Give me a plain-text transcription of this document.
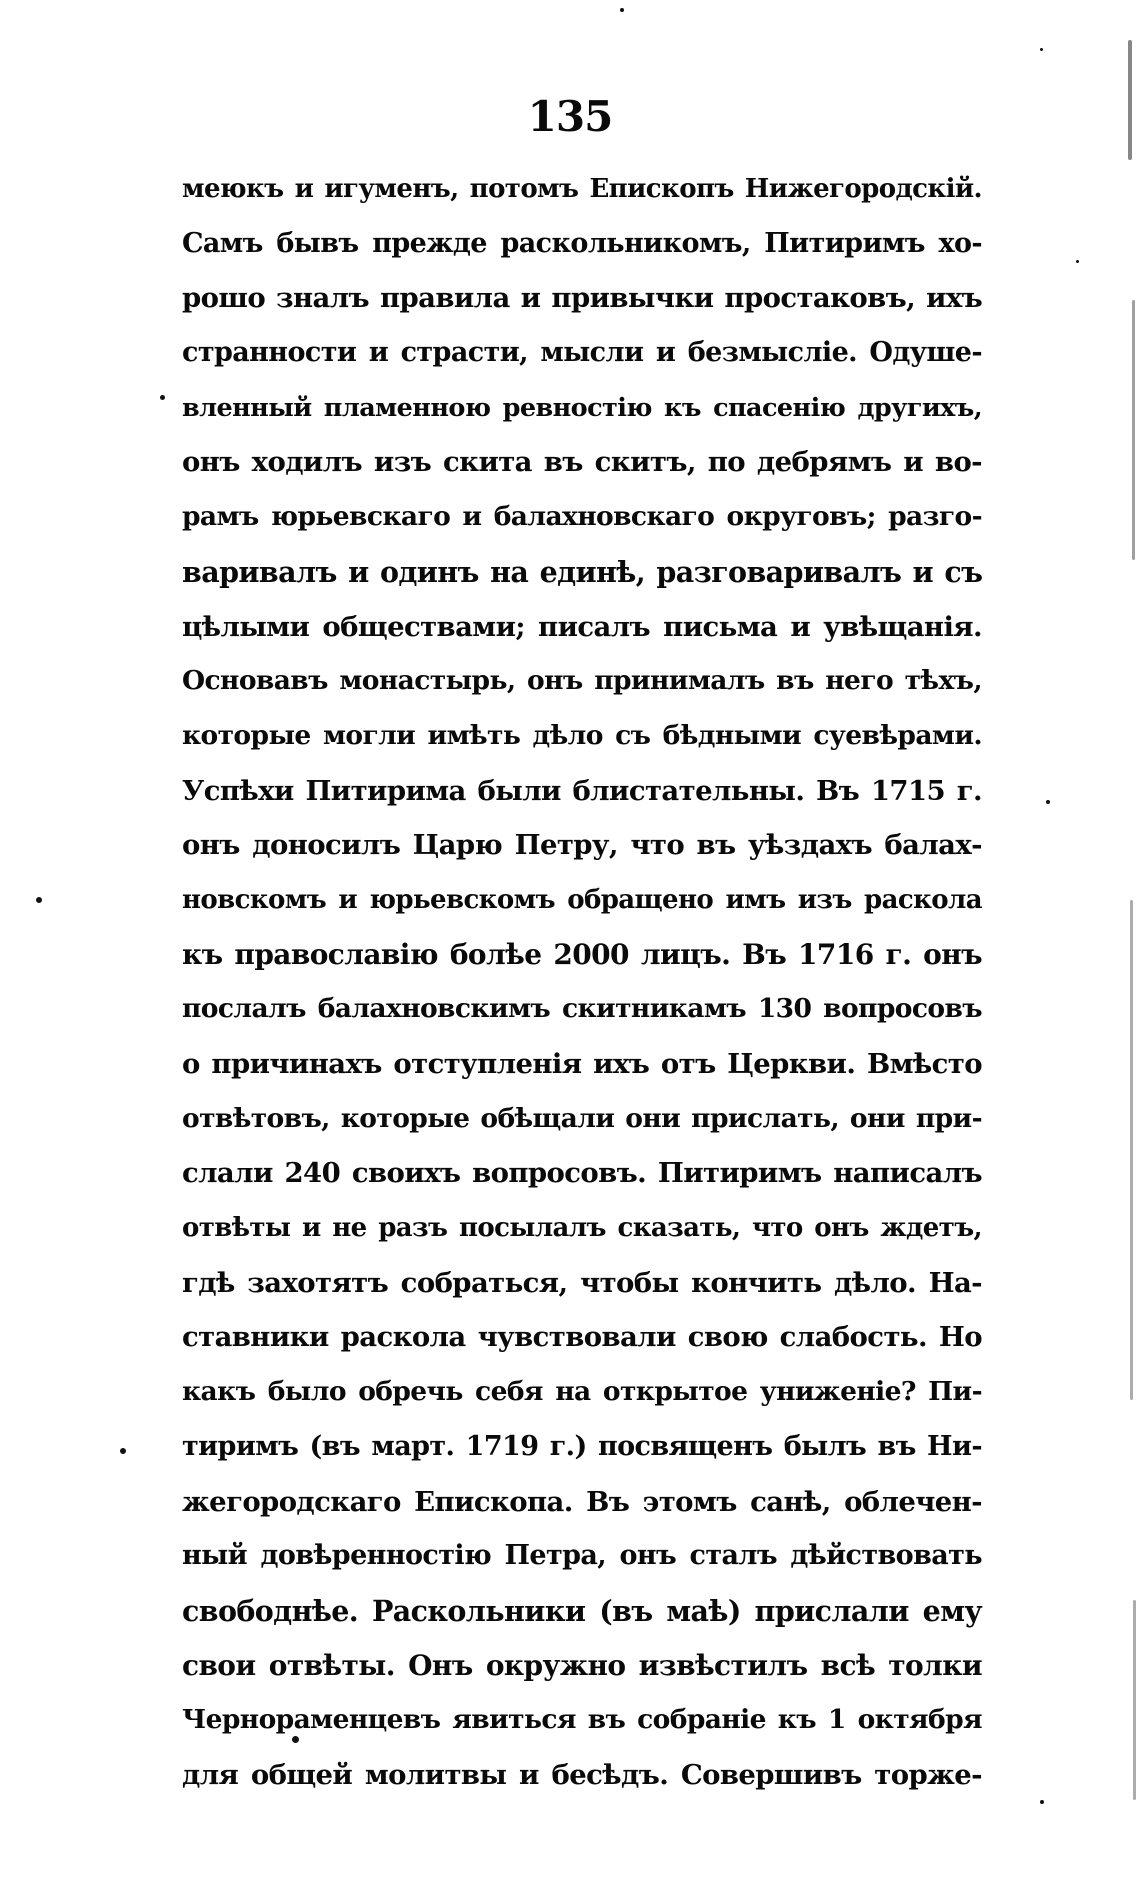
135
меюкъ и игуменъ, потомъ Епископъ Нижегородскій.
Самъ бывъ прежде раскольникомъ, Питиримъ хо-
рошо зналъ правила и привычки простаковъ, ихъ
странности и страсти, мысли и безмысліе. Одуше-
вленный пламенною ревностію къ спасенію другихъ,
онъ ходилъ изъ скита въ скитъ, по дебрямъ и во-
рамъ юрьевскаго и балахновскаго округовъ; разго-
варивалъ и одинъ на единѣ, разговаривалъ и съ
цѣлыми обществами; писалъ письма и увѣщанія.
Основавъ монастырь, онъ принималъ въ него тѣхъ,
которые могли имѣть дѣло съ бѣдными суевѣрами.
Успѣхи Питирима были блистательны. Въ 1715 г.
онъ доносилъ Царю Петру, что въ уѣздахъ балах-
новскомъ и юрьевскомъ обращено имъ изъ раскола
къ православію болѣе 2000 лицъ. Въ 1716 г. онъ
послалъ балахновскимъ скитникамъ 130 вопросовъ
о причинахъ отступленія ихъ отъ Церкви. Вмѣсто
отвѣтовъ, которые обѣщали они прислать, они при-
слали 240 своихъ вопросовъ. Питиримъ написалъ
отвѣты и не разъ посылалъ сказать, что онъ ждетъ,
гдѣ захотятъ собраться, чтобы кончить дѣло. На-
ставники раскола чувствовали свою слабость. Но
какъ было обречь себя на открытое униженіе? Пи-
тиримъ (въ март. 1719 г.) посвященъ былъ въ Ни-
жегородскаго Епископа. Въ этомъ санѣ, облечен-
ный довѣренностію Петра, онъ сталъ дѣйствовать
свободнѣе. Раскольники (въ маѣ) прислали ему
свои отвѣты. Онъ окружно извѣстилъ всѣ толки
Чернораменцевъ явиться въ собраніе къ 1 октября
для общей молитвы и бесѣдъ. Совершивъ торже-
